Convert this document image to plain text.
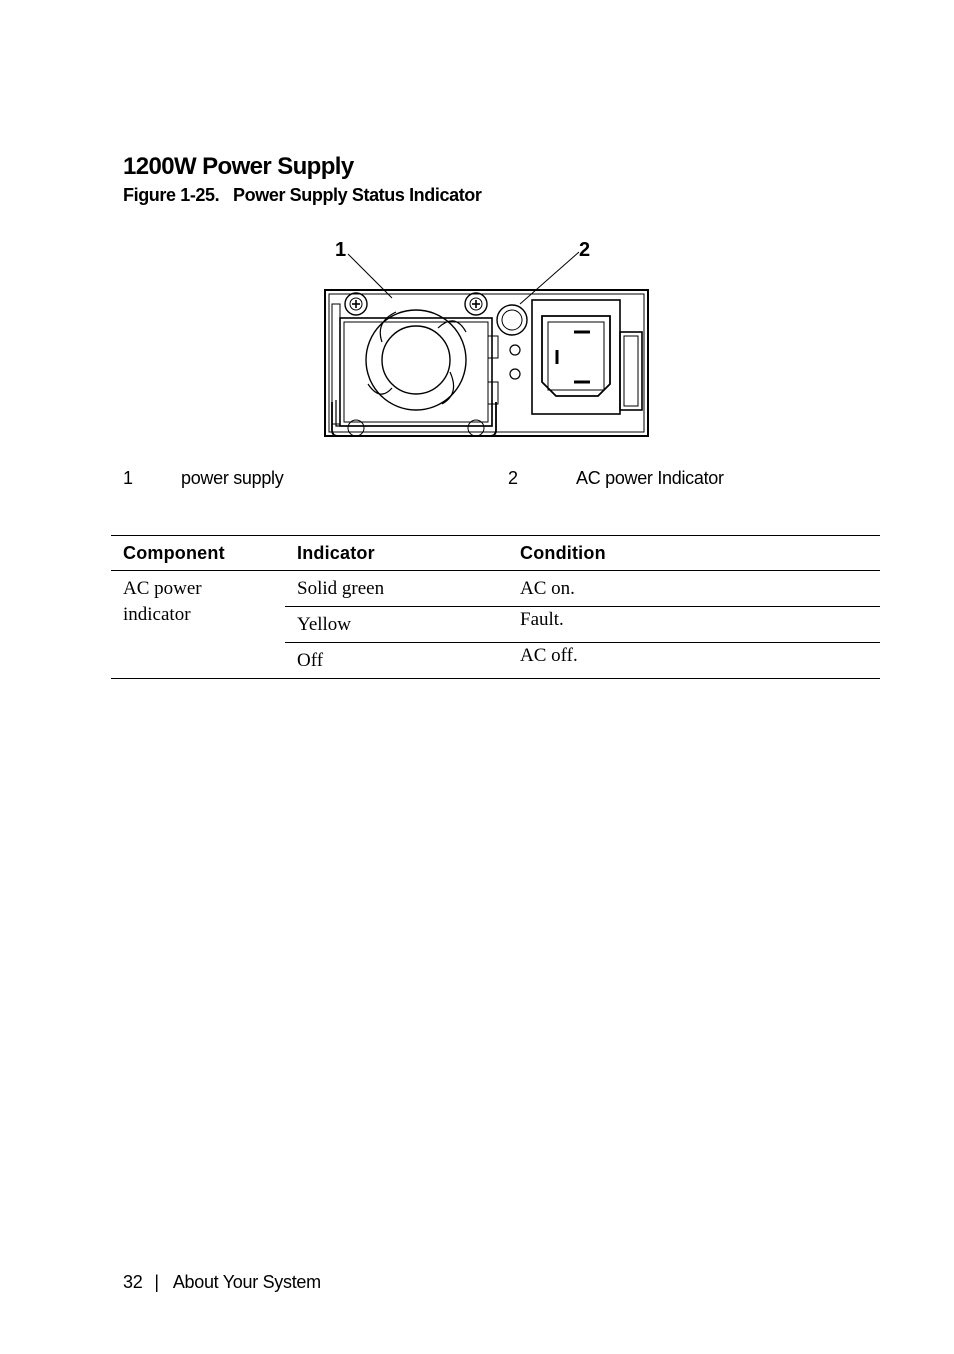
1200W Power Supply
Figure 1-25. Power Supply Status Indicator
1	2
1	power supply	2	AC power Indicator
Component	Indicator	Condition
AC power indicator	Solid green	AC on.
	Yellow	Fault.
	Off	AC off.
32 | About Your System
